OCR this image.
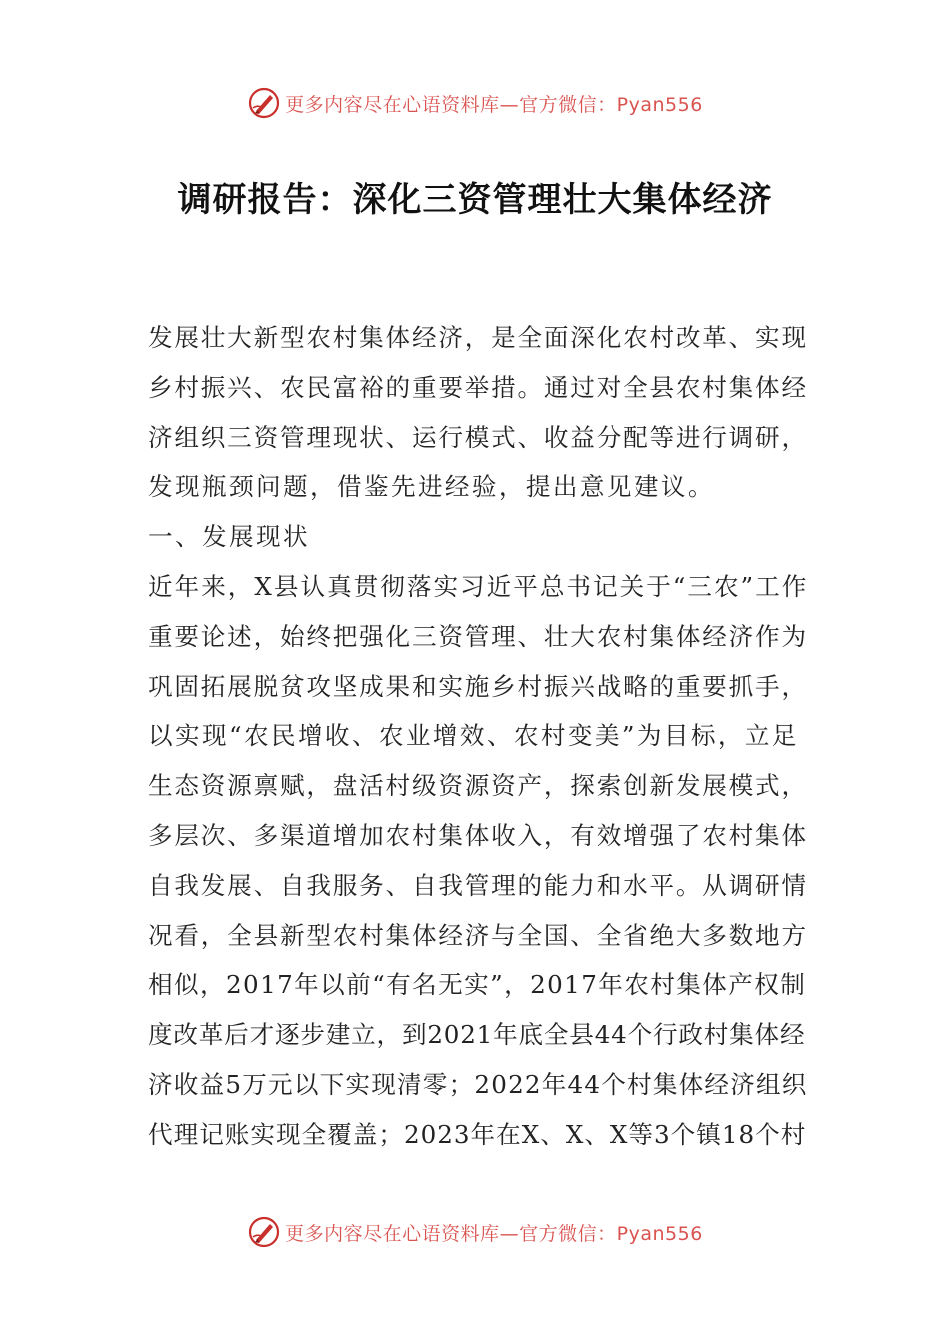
更多内容尽在心语资料库—官方微信：Pyan556
调研报告：深化三资管理壮大集体经济
发展壮大新型农村集体经济，是全面深化农村改革、实现
乡村振兴、农民富裕的重要举措。通过对全县农村集体经
济组织三资管理现状、运行模式、收益分配等进行调研，
发现瓶颈问题，借鉴先进经验，提出意见建议。
一、发展现状
近年来，X县认真贯彻落实习近平总书记关于“三农”工作
重要论述，始终把强化三资管理、壮大农村集体经济作为
巩固拓展脱贫攻坚成果和实施乡村振兴战略的重要抓手，
以实现“农民增收、农业增效、农村变美”为目标，立足
生态资源禀赋，盘活村级资源资产，探索创新发展模式，
多层次、多渠道增加农村集体收入，有效增强了农村集体
自我发展、自我服务、自我管理的能力和水平。从调研情
况看，全县新型农村集体经济与全国、全省绝大多数地方
相似，2017年以前“有名无实”，2017年农村集体产权制
度改革后才逐步建立，到2021年底全县44个行政村集体经
济收益5万元以下实现清零；2022年44个村集体经济组织
代理记账实现全覆盖；2023年在X、X、X等3个镇18个村
更多内容尽在心语资料库—官方微信：Pyan556
